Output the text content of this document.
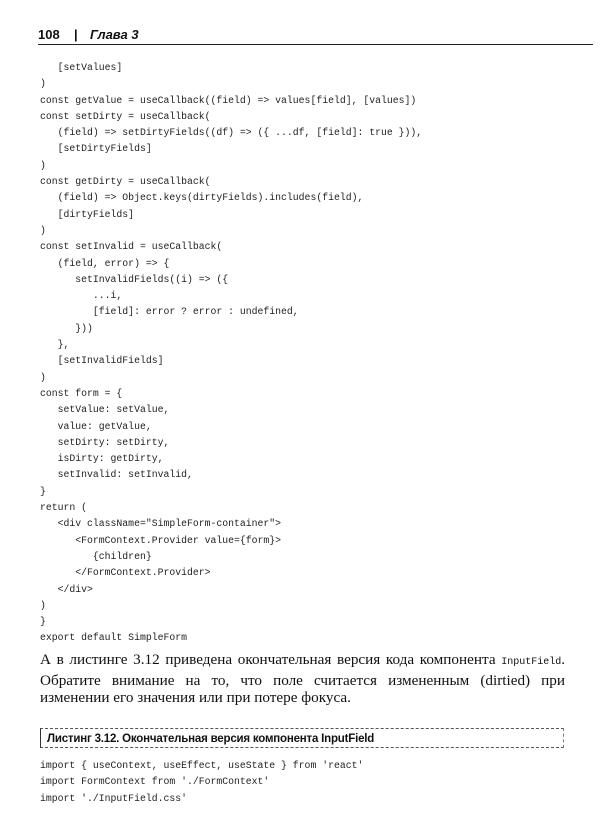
108 | Глава 3
[setValues]
)
const getValue = useCallback((field) => values[field], [values])
const setDirty = useCallback(
(field) => setDirtyFields((df) => ({ ...df, [field]: true })),
[setDirtyFields]
)
const getDirty = useCallback(
(field) => Object.keys(dirtyFields).includes(field),
[dirtyFields]
)
const setInvalid = useCallback(
(field, error) => {
setInvalidFields((i) => ({
...i,
[field]: error ? error : undefined,
}))
},
[setInvalidFields]
)
const form = {
setValue: setValue,
value: getValue,
setDirty: setDirty,
isDirty: getDirty,
setInvalid: setInvalid,
}
return (
<div className="SimpleForm-container">
<FormContext.Provider value={form}>
{children}
</FormContext.Provider>
</div>
)
}
export default SimpleForm
А в листинге 3.12 приведена окончательная версия кода компонента InputField. Обратите внимание на то, что поле считается измененным (dirtied) при изменении его значения или при потере фокуса.
Листинг 3.12. Окончательная версия компонента InputField
import { useContext, useEffect, useState } from 'react'
import FormContext from './FormContext'
import './InputField.css'
